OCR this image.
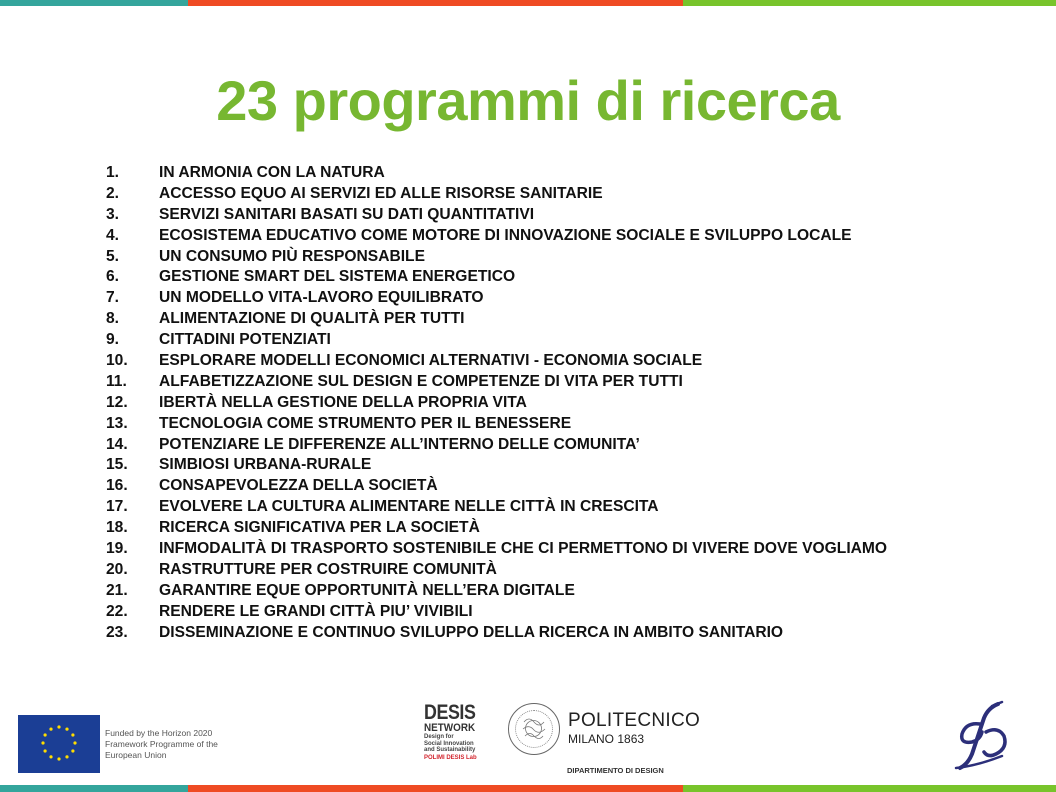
23 programmi di ricerca
1.	IN ARMONIA CON LA NATURA
2.	ACCESSO EQUO AI SERVIZI ED ALLE RISORSE SANITARIE
3.	SERVIZI SANITARI BASATI SU DATI QUANTITATIVI
4.	ECOSISTEMA EDUCATIVO COME MOTORE DI INNOVAZIONE SOCIALE E SVILUPPO LOCALE
5.	UN CONSUMO PIÙ RESPONSABILE
6.	GESTIONE SMART DEL SISTEMA ENERGETICO
7.	UN MODELLO VITA-LAVORO EQUILIBRATO
8.	ALIMENTAZIONE DI QUALITÀ PER TUTTI
9.	CITTADINI POTENZIATI
10.	ESPLORARE MODELLI ECONOMICI ALTERNATIVI - ECONOMIA SOCIALE
11.	ALFABETIZZAZIONE SUL DESIGN E COMPETENZE DI VITA PER TUTTI
12.	IBERTÀ NELLA GESTIONE DELLA PROPRIA VITA
13.	TECNOLOGIA COME STRUMENTO PER IL BENESSERE
14.	POTENZIARE LE DIFFERENZE ALL’INTERNO DELLE COMUNITA’
15.	SIMBIOSI URBANA-RURALE
16.	CONSAPEVOLEZZA DELLA SOCIETÀ
17.	EVOLVERE LA CULTURA ALIMENTARE NELLE CITTÀ IN CRESCITA
18.	RICERCA SIGNIFICATIVA PER LA SOCIETÀ
19.	INFMODALITÀ DI TRASPORTO SOSTENIBILE CHE CI PERMETTONO DI VIVERE DOVE VOGLIAMO
20.	RASTRUTTURE PER COSTRUIRE COMUNITÀ
21.	GARANTIRE EQUE OPPORTUNITÀ NELL’ERA DIGITALE
22.	RENDERE LE GRANDI CITTÀ PIU’ VIVIBILI
23.	DISSEMINAZIONE E CONTINUO SVILUPPO DELLA RICERCA IN AMBITO SANITARIO
Funded by the Horizon 2020
Framework Programme of the
European Union
DESIS
NETWORK
Design for
Social Innovation
and Sustainability
POLIMI DESIS Lab
POLITECNICO
MILANO 1863
DIPARTIMENTO DI DESIGN
